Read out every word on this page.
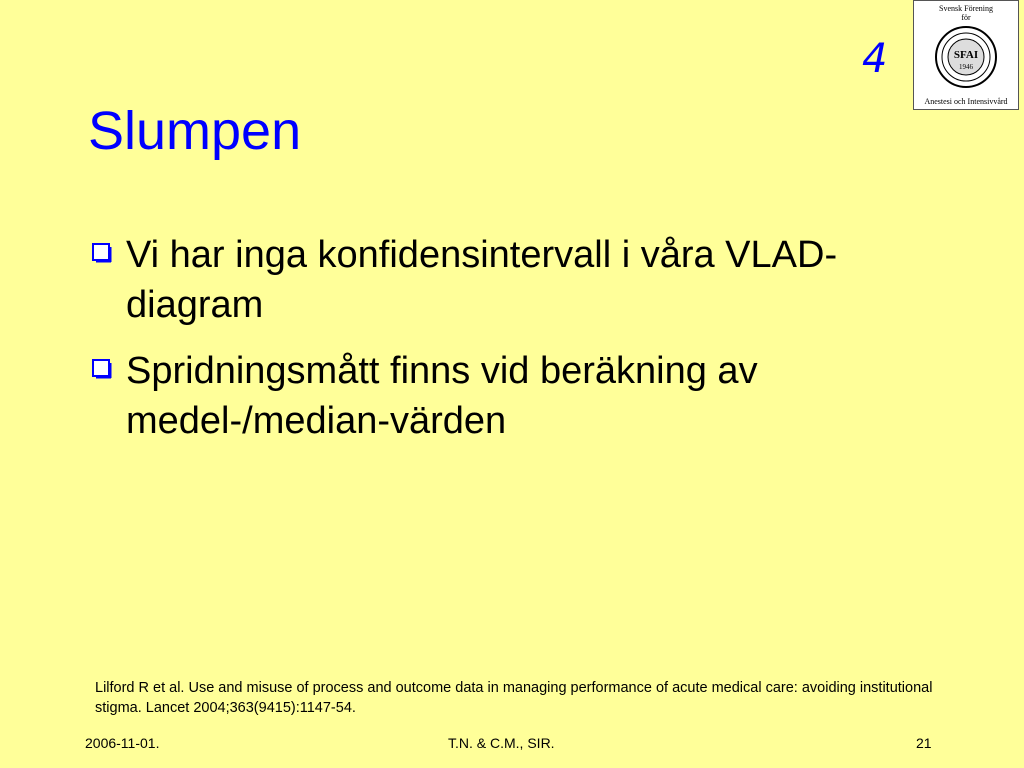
4
Svensk Förening
för
SFAI
1946
Anestesi och Intensivvård
Slumpen
Vi har inga konfidensintervall i våra VLAD-diagram
Spridningsmått finns vid beräkning av medel-/median-värden
Lilford R et al. Use and misuse of process and outcome data in managing performance of acute medical care: avoiding institutional stigma. Lancet 2004;363(9415):1147-54.
2006-11-01.	T.N. & C.M., SIR.	21
